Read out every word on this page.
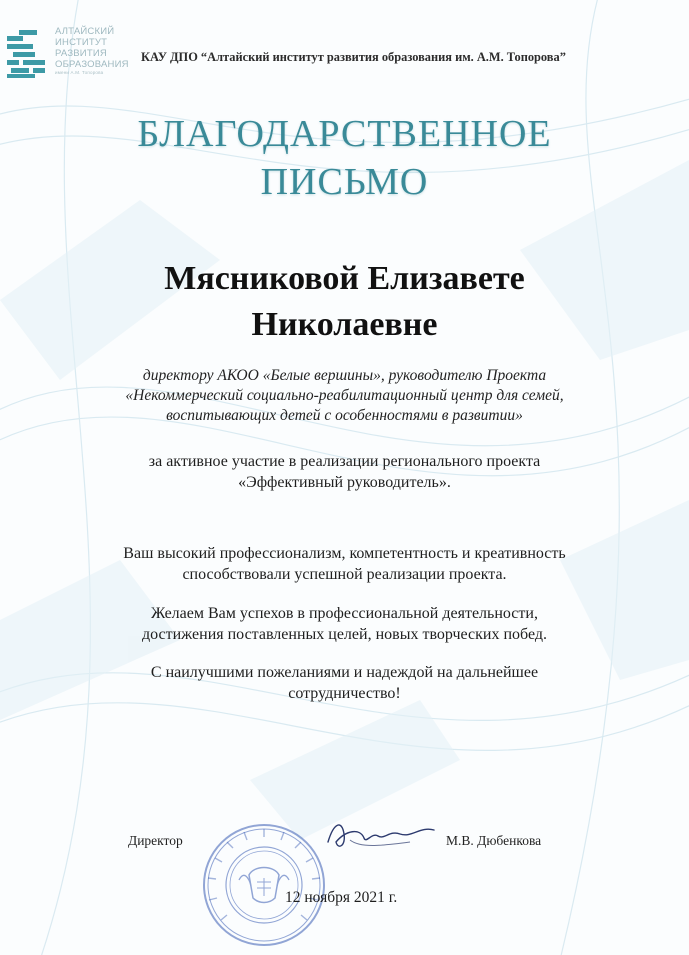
АЛТАЙСКИЙ
ИНСТИТУТ
РАЗВИТИЯ
ОБРАЗОВАНИЯ
имени А.М. Топорова
КАУ ДПО “Алтайский институт развития образования им. А.М. Топорова”
БЛАГОДАРСТВЕННОЕ
ПИСЬМО
Мясниковой Елизавете
Николаевне
директору АКОО «Белые вершины», руководителю Проекта
«Некоммерческий социально-реабилитационный центр для семей,
воспитывающих детей с особенностями в развитии»
за активное участие в реализации регионального проекта
«Эффективный руководитель».
Ваш высокий профессионализм, компетентность и креативность
способствовали успешной реализации проекта.
Желаем Вам успехов в профессиональной деятельности,
достижения поставленных целей, новых творческих побед.
С наилучшими пожеланиями и надеждой на дальнейшее
сотрудничество!
Директор	М.В. Дюбенкова
12 ноября 2021 г.
